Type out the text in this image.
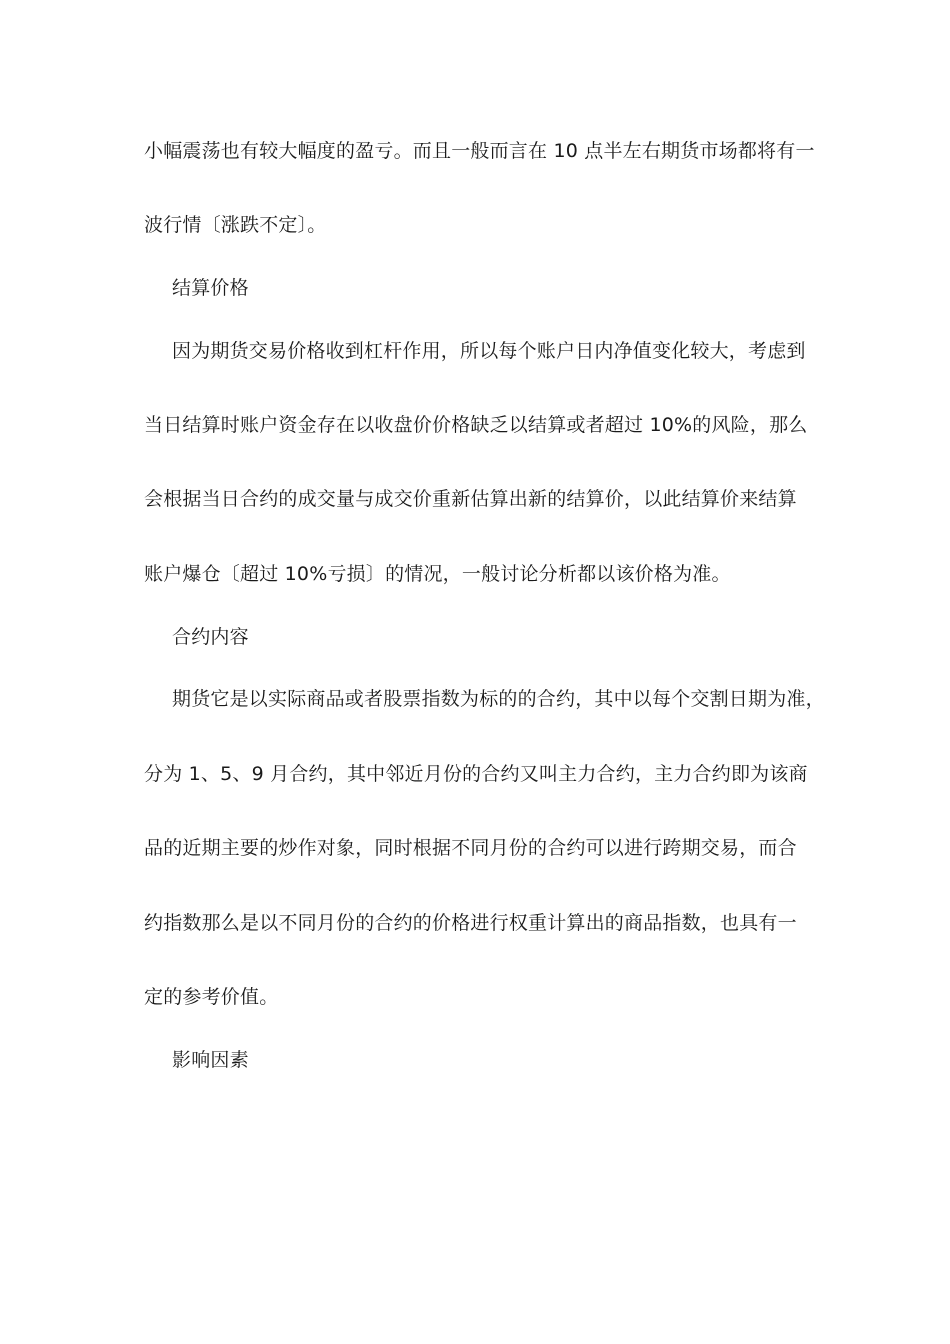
小幅震荡也有较大幅度的盈亏。而且一般而言在 10 点半左右期货市场都将有一
波行情〔涨跌不定〕。
结算价格
因为期货交易价格收到杠杆作用，所以每个账户日内净值变化较大，考虑到
当日结算时账户资金存在以收盘价价格缺乏以结算或者超过 10%的风险，那么
会根据当日合约的成交量与成交价重新估算出新的结算价，以此结算价来结算
账户爆仓〔超过 10%亏损〕的情况，一般讨论分析都以该价格为准。
合约内容
期货它是以实际商品或者股票指数为标的的合约，其中以每个交割日期为准，
分为 1、5、9 月合约，其中邻近月份的合约又叫主力合约，主力合约即为该商
品的近期主要的炒作对象，同时根据不同月份的合约可以进行跨期交易，而合
约指数那么是以不同月份的合约的价格进行权重计算出的商品指数，也具有一
定的参考价值。
影响因素
